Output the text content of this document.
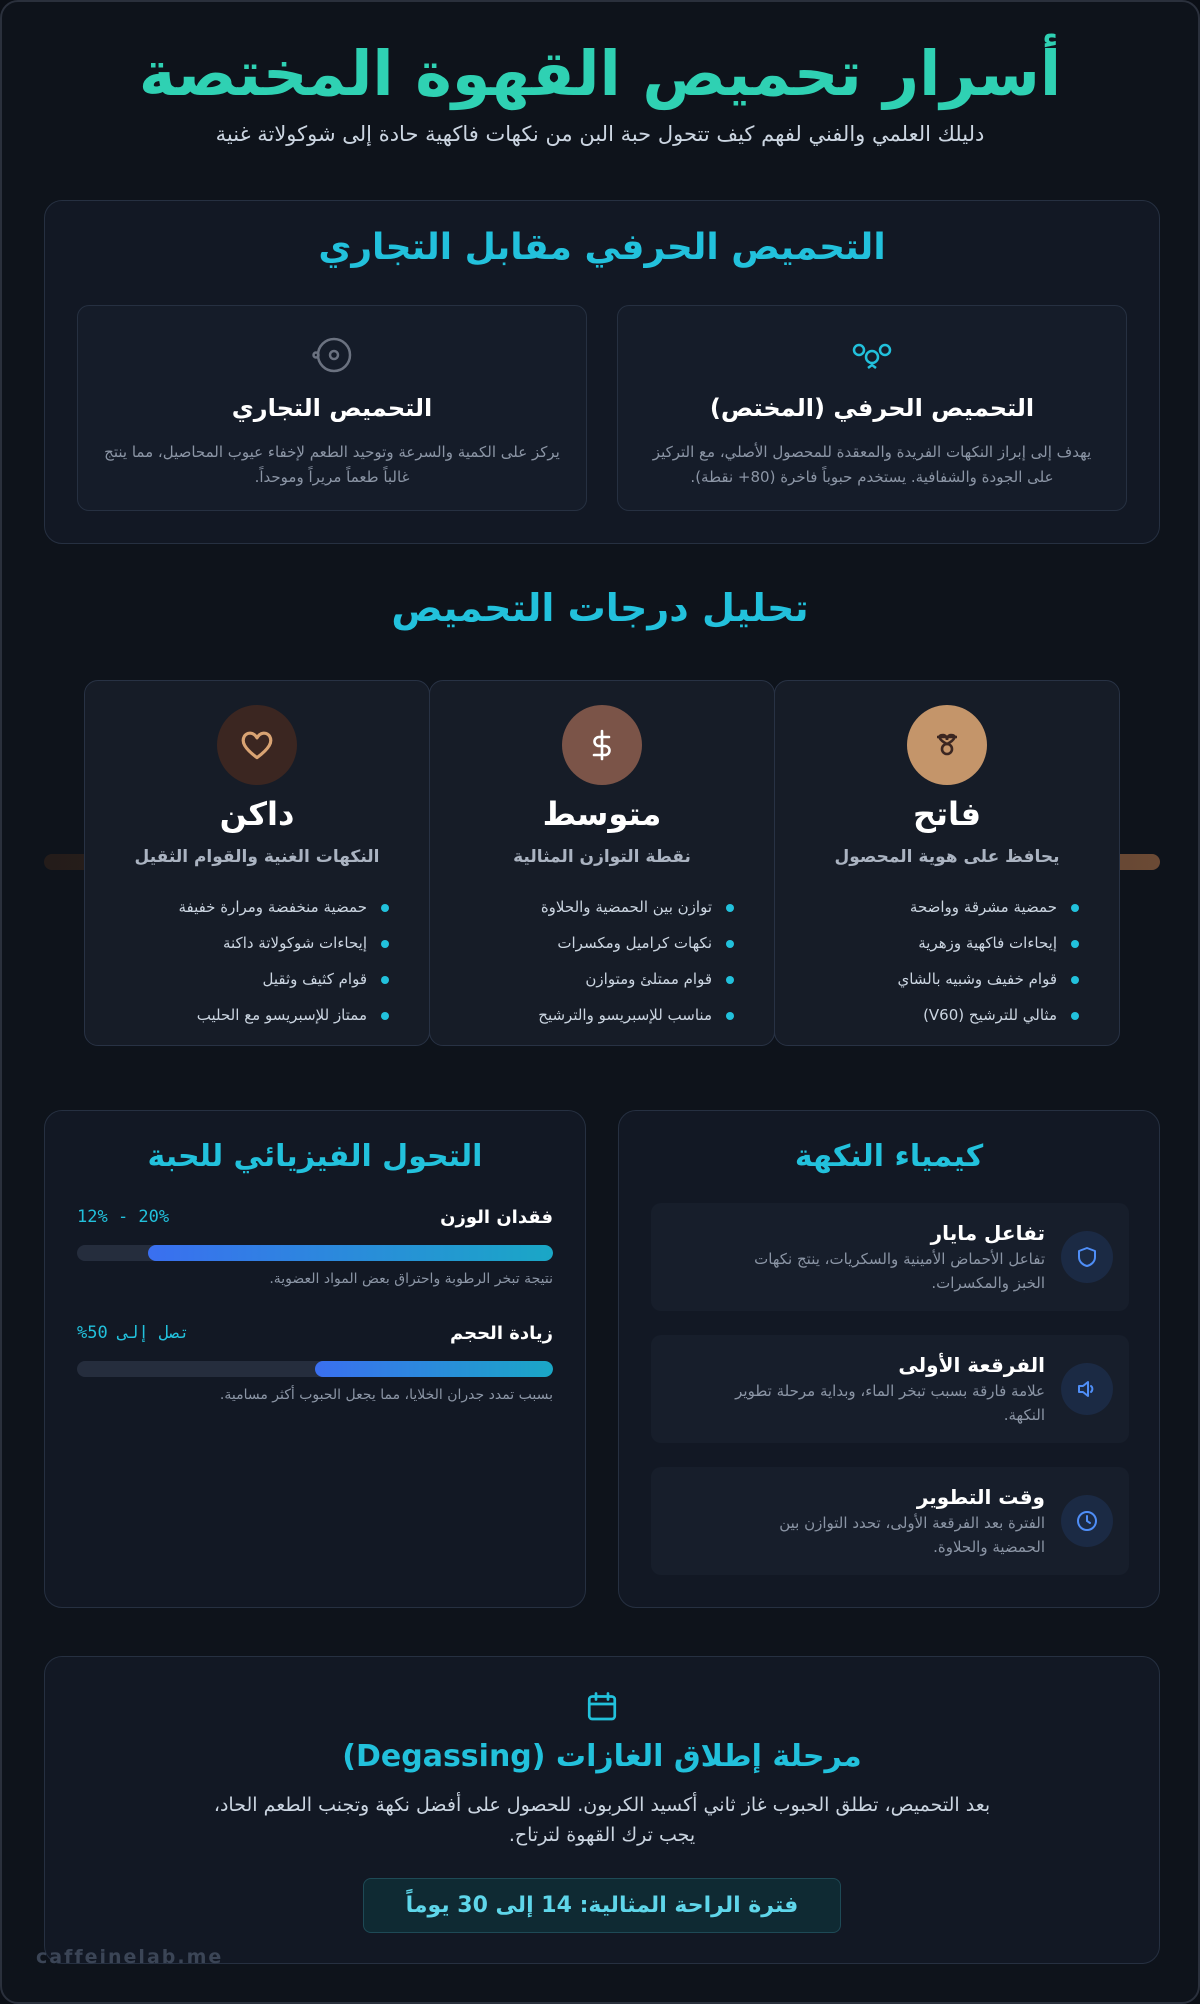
أسرار تحميص القهوة المختصة

دليلك العلمي والفني لفهم كيف تتحول حبة البن من نكهات فاكهية حادة إلى شوكولاتة غنية

التحميص الحرفي مقابل التجاري
التحميص الحرفي (المختص)

يهدف إلى إبراز النكهات الفريدة والمعقدة للمحصول الأصلي، مع التركيز على الجودة والشفافية. يستخدم حبوباً فاخرة (80+ نقطة).

التحميص التجاري

يركز على الكمية والسرعة وتوحيد الطعم لإخفاء عيوب المحاصيل، مما ينتج غالباً طعماً مريراً وموحداً.

تحليل درجات التحميص
فاتح
يحافظ على هوية المحصول
حمضية مشرقة وواضحة
إيحاءات فاكهية وزهرية
قوام خفيف وشبيه بالشاي
مثالي للترشيح (V60)
متوسط
نقطة التوازن المثالية
توازن بين الحمضية والحلاوة
نكهات كراميل ومكسرات
قوام ممتلئ ومتوازن
مناسب للإسبريسو والترشيح
داكن
النكهات الغنية والقوام الثقيل
حمضية منخفضة ومرارة خفيفة
إيحاءات شوكولاتة داكنة
قوام كثيف وثقيل
ممتاز للإسبريسو مع الحليب
كيمياء النكهة
تفاعل مايار

تفاعل الأحماض الأمينية والسكريات، ينتج نكهات الخبز والمكسرات.

الفرقعة الأولى

علامة فارقة بسبب تبخر الماء، وبداية مرحلة تطوير النكهة.

وقت التطوير

الفترة بعد الفرقعة الأولى، تحدد التوازن بين الحمضية والحلاوة.

التحول الفيزيائي للحبة
فقدان الوزن
12% - 20%
نتيجة تبخر الرطوبة واحتراق بعض المواد العضوية.
زيادة الحجم
تصل إلى 50%
بسبب تمدد جدران الخلايا، مما يجعل الحبوب أكثر مسامية.
مرحلة إطلاق الغازات (Degassing)

بعد التحميص، تطلق الحبوب غاز ثاني أكسيد الكربون. للحصول على أفضل نكهة وتجنب الطعم الحاد، يجب ترك القهوة لترتاح.

فترة الراحة المثالية: 14 إلى 30 يوماً
caffeinelab.me
